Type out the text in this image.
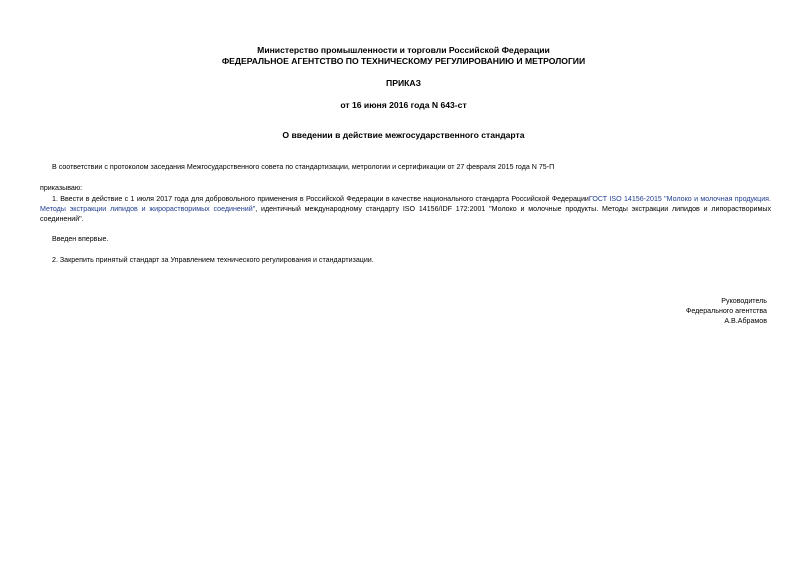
Министерство промышленности и торговли Российской Федерации
ФЕДЕРАЛЬНОЕ АГЕНТСТВО ПО ТЕХНИЧЕСКОМУ РЕГУЛИРОВАНИЮ И МЕТРОЛОГИИ
ПРИКАЗ
от 16 июня 2016 года N 643-ст
О введении в действие межгосударственного стандарта
В соответствии с протоколом заседания Межгосударственного совета по стандартизации, метрологии и сертификации от 27 февраля 2015 года N 75-П
приказываю:
1. Ввести в действие с 1 июля 2017 года для добровольного применения в Российской Федерации в качестве национального стандарта Российской ФедерацииГОСТ ISO 14156-2015 "Молоко и молочная продукция. Методы экстракции липидов и жирорастворимых соединений", идентичный международному стандарту ISO 14156/IDF 172:2001 "Молоко и молочные продукты. Методы экстракции липидов и липорастворимых соединений".
Введен впервые.
2. Закрепить принятый стандарт за Управлением технического регулирования и стандартизации.
Руководитель
Федерального агентства
А.В.Абрамов
